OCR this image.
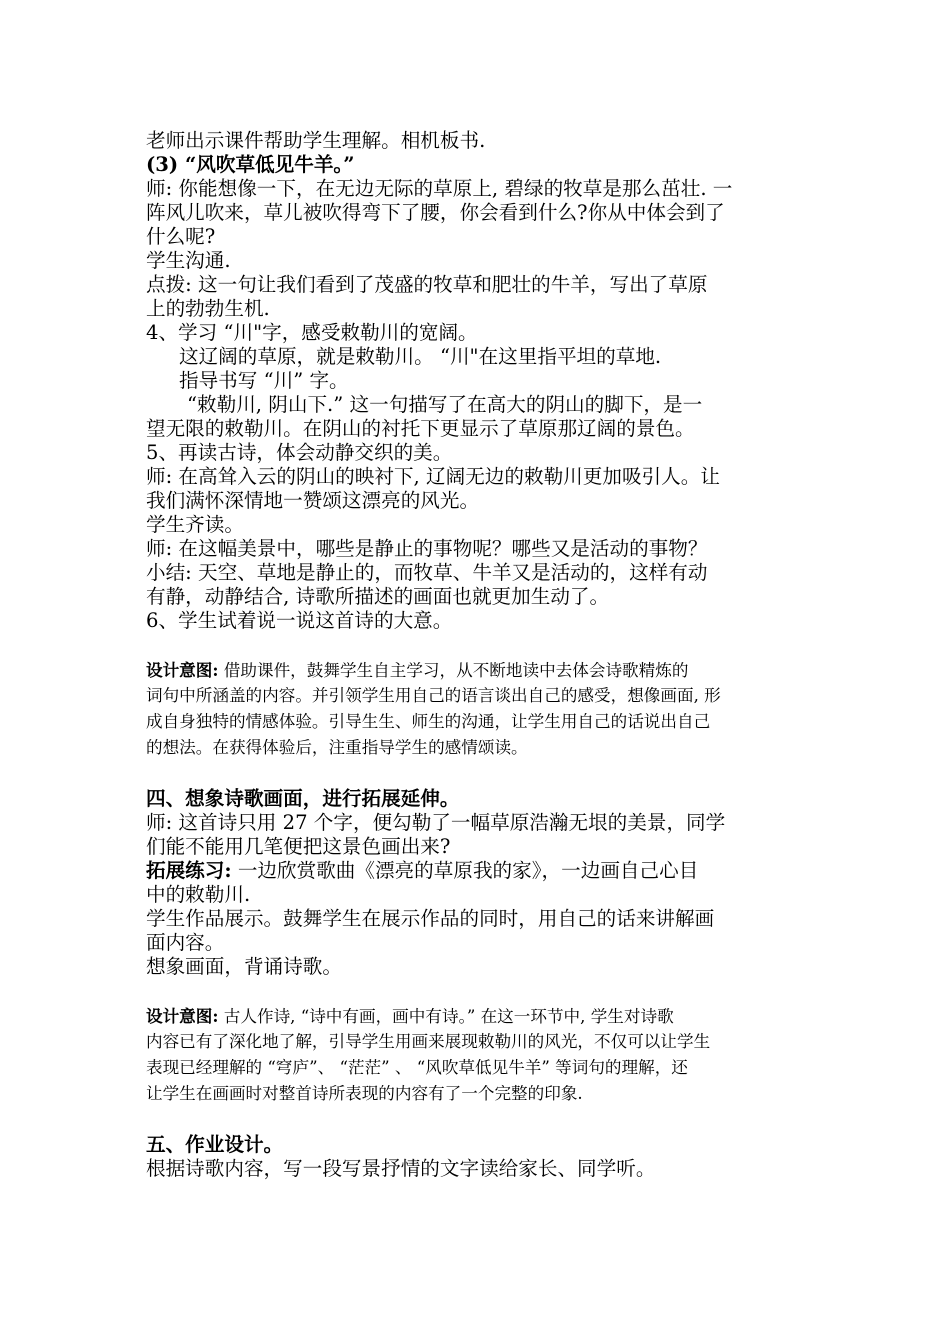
老师出示课件帮助学生理解。相机板书.
(3) “风吹草低见牛羊。”
师: 你能想像一下，在无边无际的草原上, 碧绿的牧草是那么茁壮. 一
阵风儿吹来，草儿被吹得弯下了腰，你会看到什么?你从中体会到了
什么呢?
学生沟通.
点拨: 这一句让我们看到了茂盛的牧草和肥壮的牛羊，写出了草原
上的勃勃生机.
4、学习 “川"字，感受敕勒川的宽阔。
这辽阔的草原，就是敕勒川。 “川"在这里指平坦的草地.
指导书写 “川” 字。
“敕勒川, 阴山下.” 这一句描写了在高大的阴山的脚下，是一
望无限的敕勒川。在阴山的衬托下更显示了草原那辽阔的景色。
5、再读古诗，体会动静交织的美。
师: 在高耸入云的阴山的映衬下, 辽阔无边的敕勒川更加吸引人。让
我们满怀深情地一赞颂这漂亮的风光。
学生齐读。
师: 在这幅美景中，哪些是静止的事物呢？哪些又是活动的事物？
小结: 天空、草地是静止的，而牧草、牛羊又是活动的，这样有动
有静，动静结合, 诗歌所描述的画面也就更加生动了。
6、学生试着说一说这首诗的大意。
设计意图: 借助课件，鼓舞学生自主学习，从不断地读中去体会诗歌精炼的
词句中所涵盖的内容。并引领学生用自己的语言谈出自己的感受，想像画面, 形
成自身独特的情感体验。引导生生、师生的沟通，让学生用自己的话说出自己
的想法。在获得体验后，注重指导学生的感情颂读。
四、想象诗歌画面，进行拓展延伸。
师: 这首诗只用 27 个字，便勾勒了一幅草原浩瀚无垠的美景，同学
们能不能用几笔便把这景色画出来?
拓展练习: 一边欣赏歌曲《漂亮的草原我的家》，一边画自己心目
中的敕勒川.
学生作品展示。鼓舞学生在展示作品的同时，用自己的话来讲解画
面内容。
想象画面，背诵诗歌。
设计意图: 古人作诗, “诗中有画，画中有诗。” 在这一环节中, 学生对诗歌
内容已有了深化地了解，引导学生用画来展现敕勒川的风光，不仅可以让学生
表现已经理解的 “穹庐”、 “茫茫” 、 “风吹草低见牛羊” 等词句的理解，还
让学生在画画时对整首诗所表现的内容有了一个完整的印象.
五、作业设计。
根据诗歌内容，写一段写景抒情的文字读给家长、同学听。
